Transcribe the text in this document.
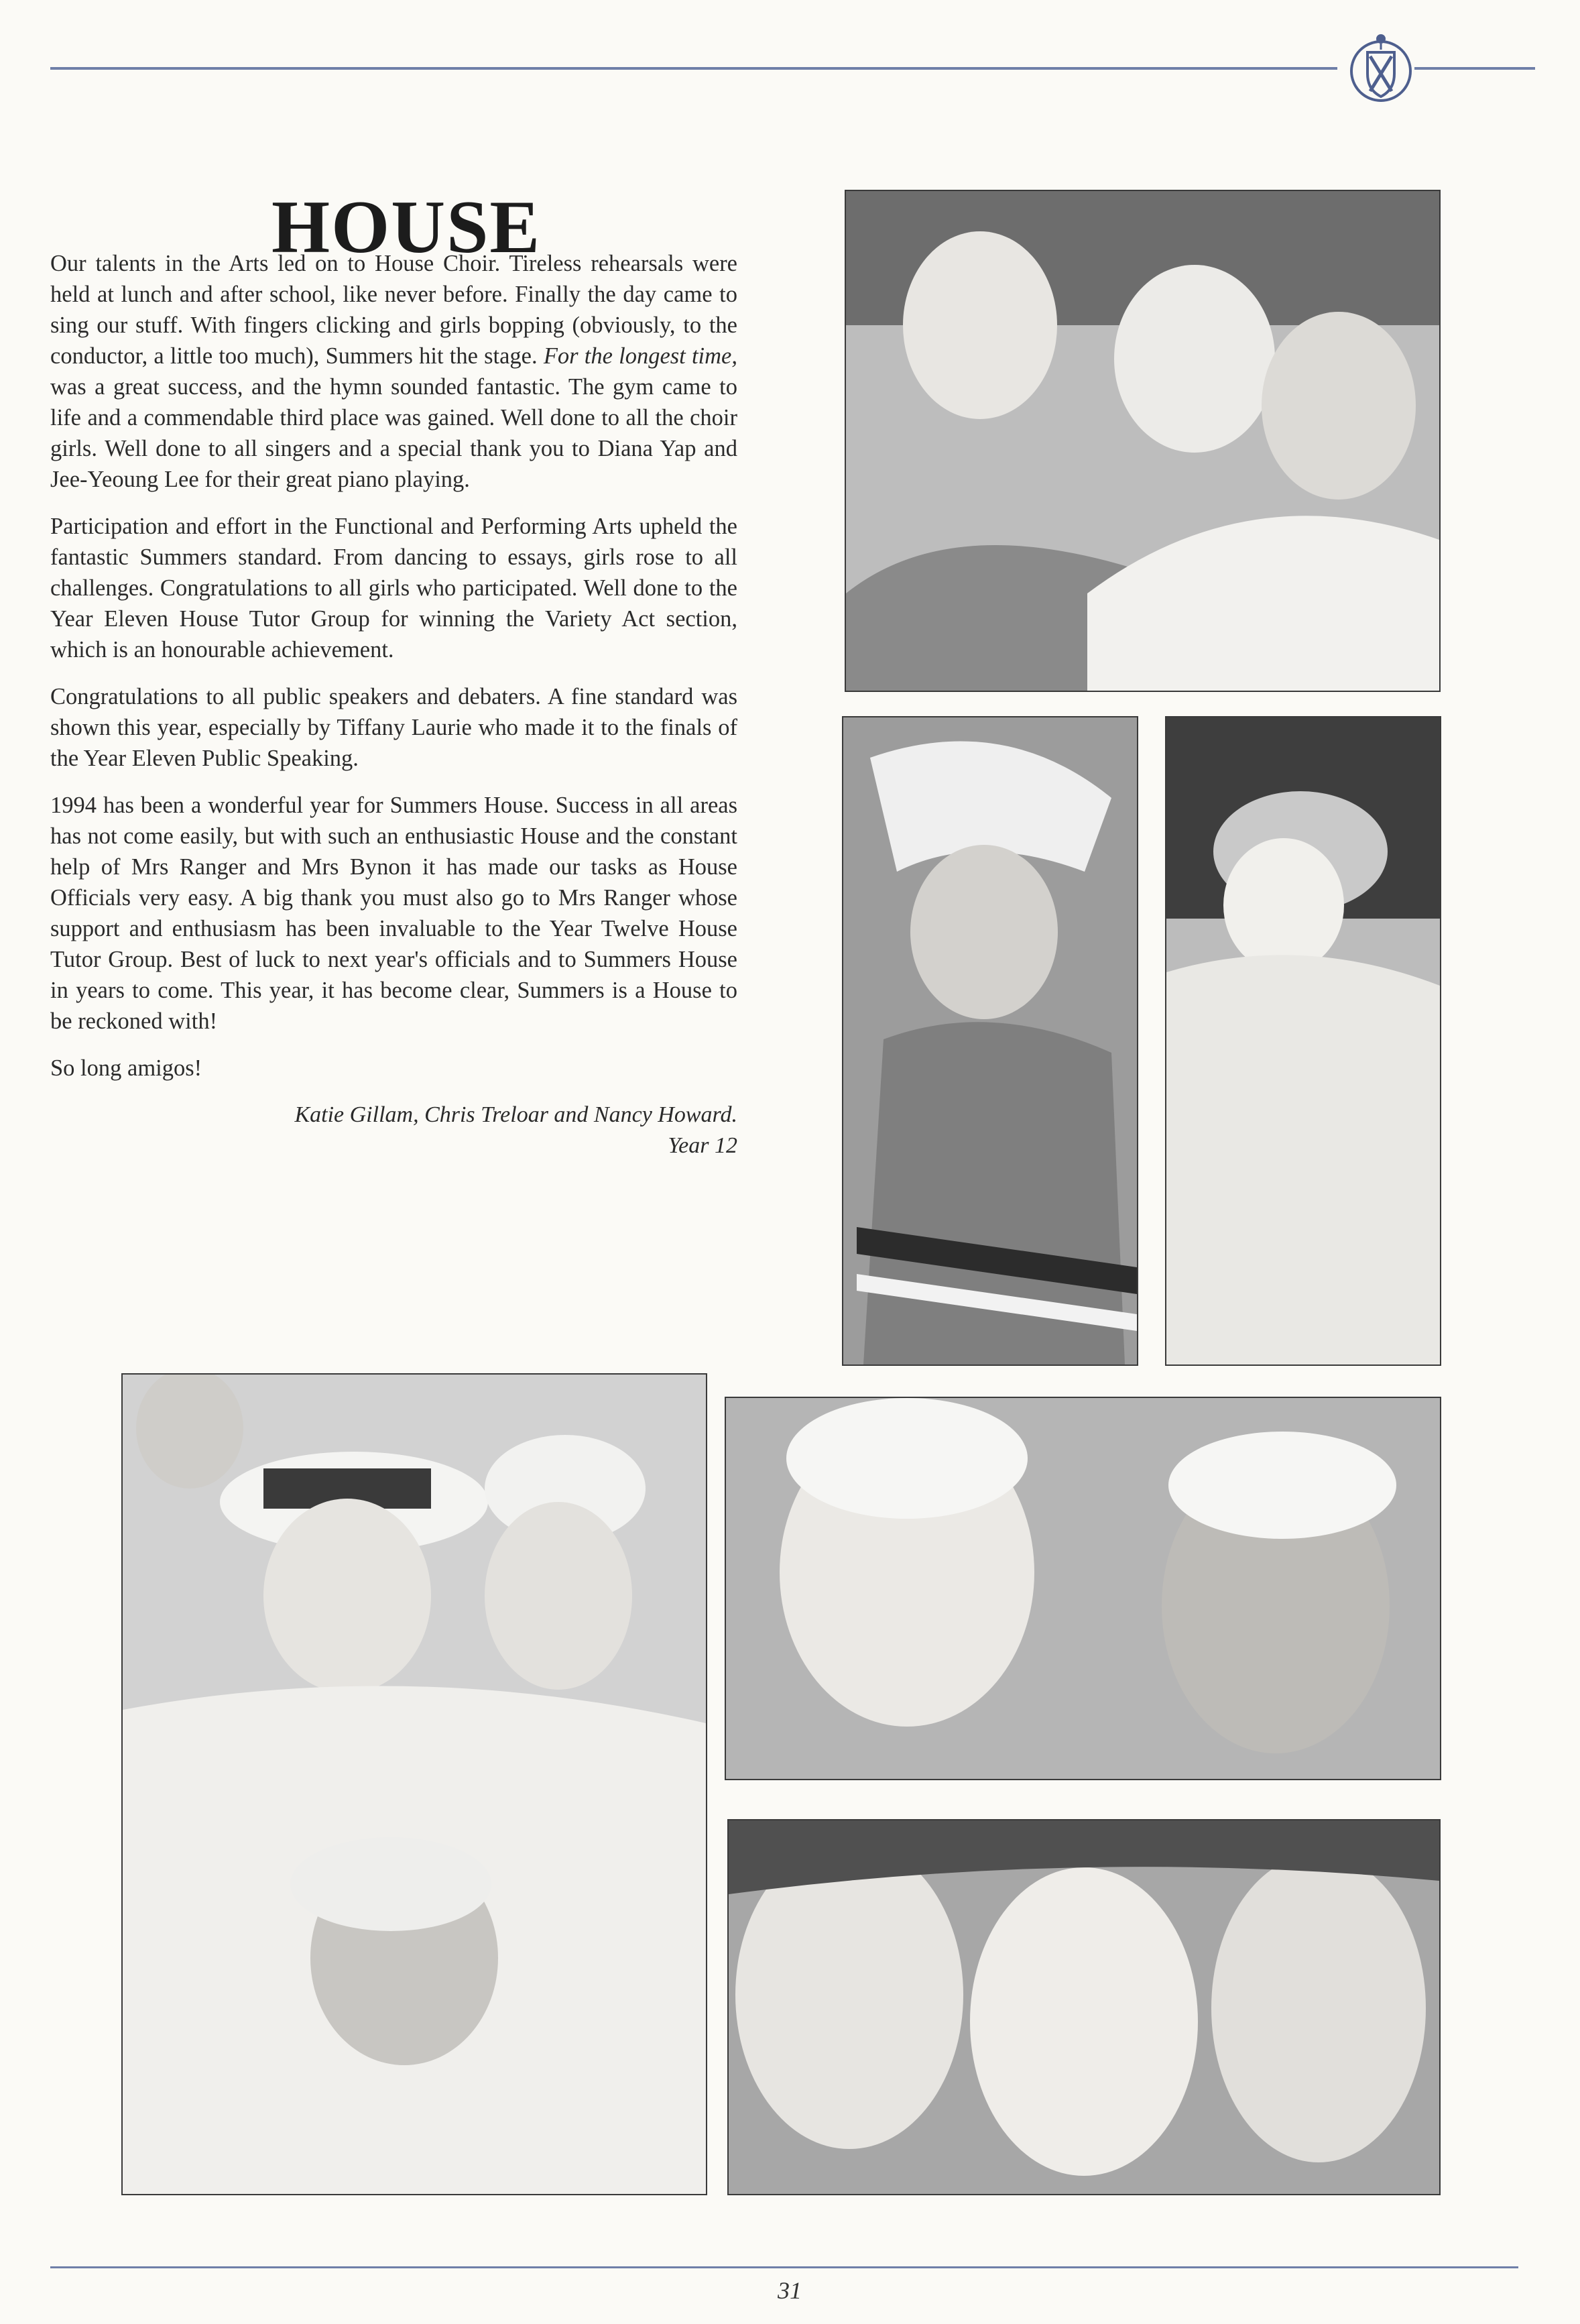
HOUSE

Our talents in the Arts led on to House Choir. Tireless rehearsals were held at lunch and after school, like never before. Finally the day came to sing our stuff. With fingers clicking and girls bopping (obviously, to the conductor, a little too much), Summers hit the stage. For the longest time, was a great success, and the hymn sounded fantastic. The gym came to life and a commendable third place was gained. Well done to all the choir girls. Well done to all singers and a special thank you to Diana Yap and Jee-Yeoung Lee for their great piano playing.

Participation and effort in the Functional and Performing Arts upheld the fantastic Summers standard. From dancing to essays, girls rose to all challenges. Congratulations to all girls who participated. Well done to the Year Eleven House Tutor Group for winning the Variety Act section, which is an honourable achievement.

Congratulations to all public speakers and debaters. A fine standard was shown this year, especially by Tiffany Laurie who made it to the finals of the Year Eleven Public Speaking.

1994 has been a wonderful year for Summers House. Success in all areas has not come easily, but with such an enthusiastic House and the constant help of Mrs Ranger and Mrs Bynon it has made our tasks as House Officials very easy. A big thank you must also go to Mrs Ranger whose support and enthusiasm has been invaluable to the Year Twelve House Tutor Group. Best of luck to next year's officials and to Summers House in years to come. This year, it has become clear, Summers is a House to be reckoned with!

So long amigos!

Katie Gillam, Chris Treloar and Nancy Howard.

Year 12

31
